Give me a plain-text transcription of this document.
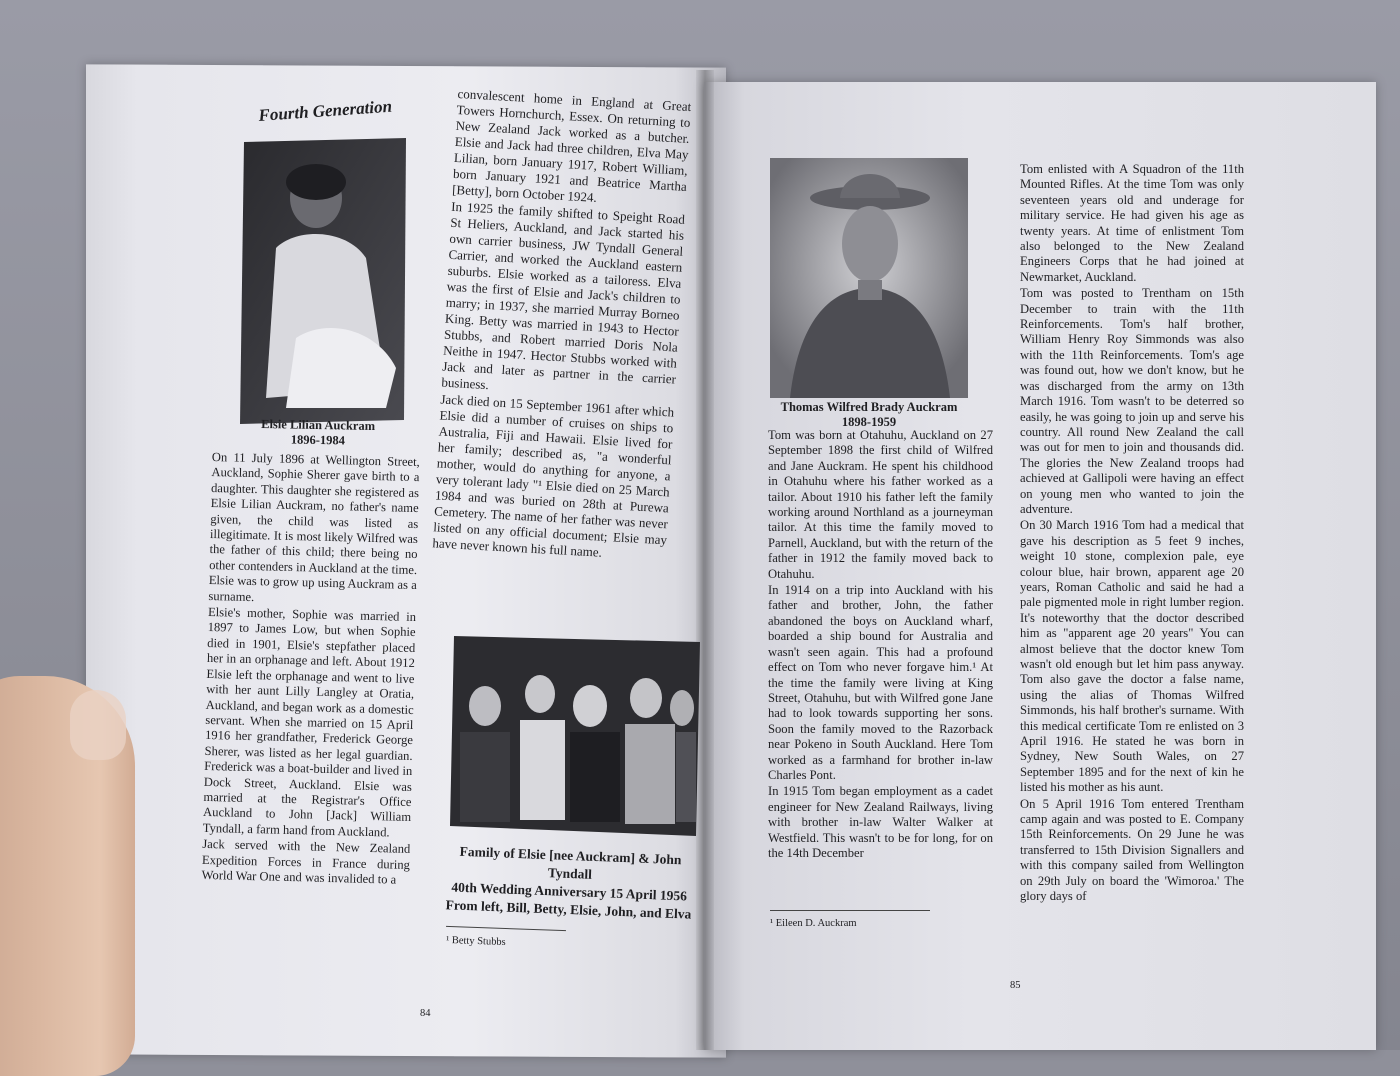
Fourth Generation
Elsie Lilian Auckram
1896-1984

On 11 July 1896 at Wellington Street, Auckland, Sophie Sherer gave birth to a daughter. This daughter she registered as Elsie Lilian Auckram, no father's name given, the child was listed as illegitimate. It is most likely Wilfred was the father of this child; there being no other contenders in Auckland at the time. Elsie was to grow up using Auckram as a surname.

Elsie's mother, Sophie was married in 1897 to James Low, but when Sophie died in 1901, Elsie's stepfather placed her in an orphanage and left. About 1912 Elsie left the orphanage and went to live with her aunt Lilly Langley at Oratia, Auckland, and began work as a domestic servant. When she married on 15 April 1916 her grandfather, Frederick George Sherer, was listed as her legal guardian. Frederick was a boat-builder and lived in Dock Street, Auckland. Elsie was married at the Registrar's Office Auckland to John [Jack] William Tyndall, a farm hand from Auckland.

Jack served with the New Zealand Expedition Forces in France during World War One and was invalided to a

convalescent home in England at Great Towers Hornchurch, Essex. On returning to New Zealand Jack worked as a butcher. Elsie and Jack had three children, Elva May Lilian, born January 1917, Robert William, born January 1921 and Beatrice Martha [Betty], born October 1924.

In 1925 the family shifted to Speight Road St Heliers, Auckland, and Jack started his own carrier business, JW Tyndall General Carrier, and worked the Auckland eastern suburbs. Elsie worked as a tailoress. Elva was the first of Elsie and Jack's children to marry; in 1937, she married Murray Borneo King. Betty was married in 1943 to Hector Stubbs, and Robert married Doris Nola Neithe in 1947. Hector Stubbs worked with Jack and later as partner in the carrier business.

Jack died on 15 September 1961 after which Elsie did a number of cruises on ships to Australia, Fiji and Hawaii. Elsie lived for her family; described as, "a wonderful mother, would do anything for anyone, a very tolerant lady "¹ Elsie died on 25 March 1984 and was buried on 28th at Purewa Cemetery. The name of her father was never listed on any official document; Elsie may have never known his full name.

Family of Elsie [nee Auckram] & John Tyndall
40th Wedding Anniversary 15 April 1956
From left, Bill, Betty, Elsie, John, and Elva
¹ Betty Stubbs
84
Thomas Wilfred Brady Auckram
1898-1959

Tom was born at Otahuhu, Auckland on 27 September 1898 the first child of Wilfred and Jane Auckram. He spent his childhood in Otahuhu where his father worked as a tailor. About 1910 his father left the family working around Northland as a journeyman tailor. At this time the family moved to Parnell, Auckland, but with the return of the father in 1912 the family moved back to Otahuhu.

In 1914 on a trip into Auckland with his father and brother, John, the father abandoned the boys on Auckland wharf, boarded a ship bound for Australia and wasn't seen again. This had a profound effect on Tom who never forgave him.¹ At the time the family were living at King Street, Otahuhu, but with Wilfred gone Jane had to look towards supporting her sons. Soon the family moved to the Razorback near Pokeno in South Auckland. Here Tom worked as a farmhand for brother in-law Charles Pont.

In 1915 Tom began employment as a cadet engineer for New Zealand Railways, living with brother in-law Walter Walker at Westfield. This wasn't to be for long, for on the 14th December

¹ Eileen D. Auckram

Tom enlisted with A Squadron of the 11th Mounted Rifles. At the time Tom was only seventeen years old and underage for military service. He had given his age as twenty years. At time of enlistment Tom also belonged to the New Zealand Engineers Corps that he had joined at Newmarket, Auckland.

Tom was posted to Trentham on 15th December to train with the 11th Reinforcements. Tom's half brother, William Henry Roy Simmonds was also with the 11th Reinforcements. Tom's age was found out, how we don't know, but he was discharged from the army on 13th March 1916. Tom wasn't to be deterred so easily, he was going to join up and serve his country. All round New Zealand the call was out for men to join and thousands did. The glories the New Zealand troops had achieved at Gallipoli were having an effect on young men who wanted to join the adventure.

On 30 March 1916 Tom had a medical that gave his description as 5 feet 9 inches, weight 10 stone, complexion pale, eye colour blue, hair brown, apparent age 20 years, Roman Catholic and said he had a pale pigmented mole in right lumber region. It's noteworthy that the doctor described him as "apparent age 20 years" You can almost believe that the doctor knew Tom wasn't old enough but let him pass anyway. Tom also gave the doctor a false name, using the alias of Thomas Wilfred Simmonds, his half brother's surname. With this medical certificate Tom re enlisted on 3 April 1916. He stated he was born in Sydney, New South Wales, on 27 September 1895 and for the next of kin he listed his mother as his aunt.

On 5 April 1916 Tom entered Trentham camp again and was posted to E. Company 15th Reinforcements. On 29 June he was transferred to 15th Division Signallers and with this company sailed from Wellington on 29th July on board the 'Wimoroa.' The glory days of

85
